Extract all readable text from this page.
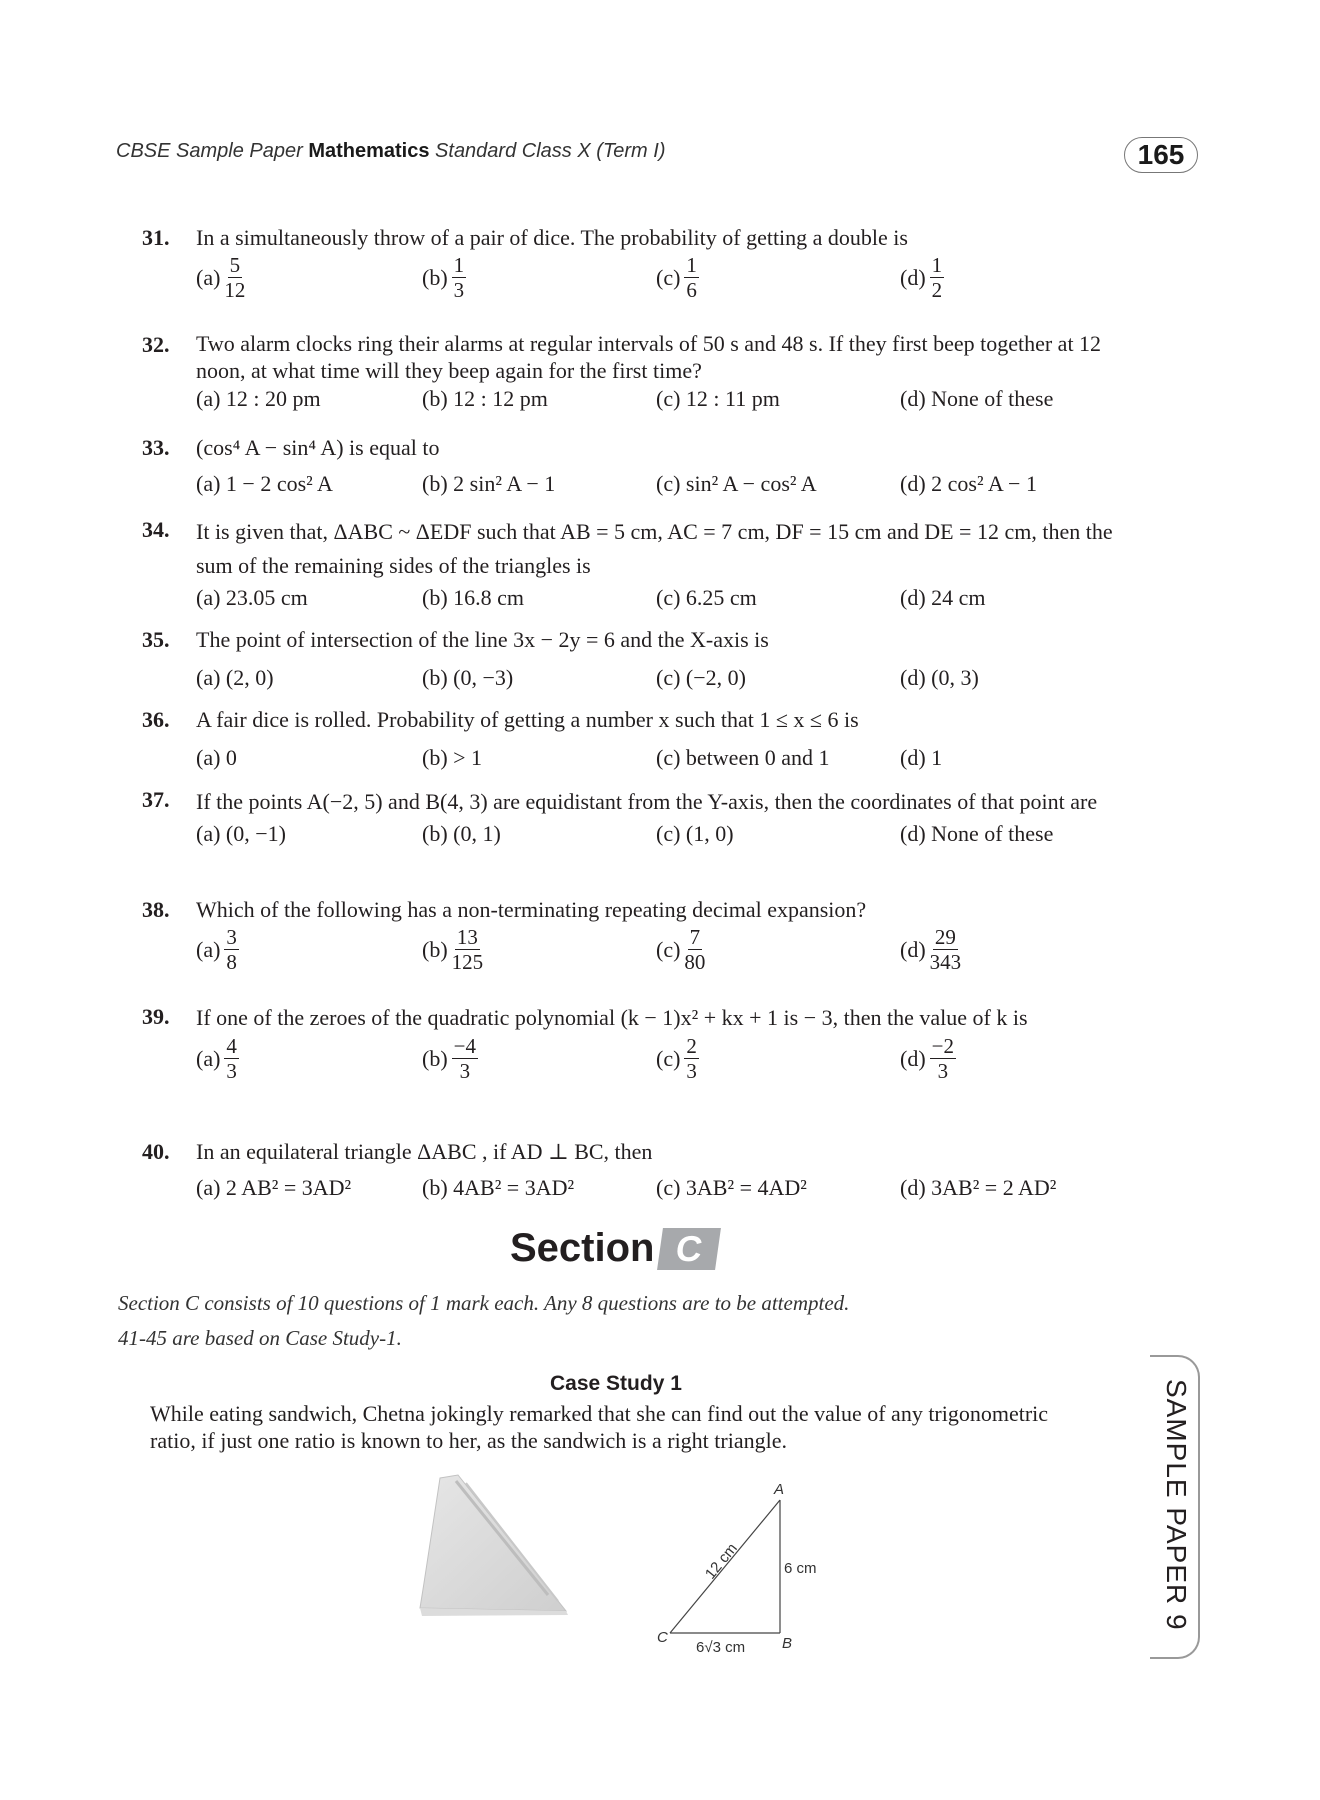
CBSE Sample Paper Mathematics Standard Class X (Term I)	165
31.	In a simultaneously throw of a pair of dice. The probability of getting a double is
$(a) \frac{5}{12}$	$(b) \frac{1}{3}$	$(c) \frac{1}{6}$	$(d) \frac{1}{2}$
32.	Two alarm clocks ring their alarms at regular intervals of 50 s and 48 s. If they first beep together at 12 noon, at what time will they beep again for the first time?
(a) 12 : 20 pm	(b) 12 : 12 pm	(c) 12 : 11 pm	(d) None of these
33.	(cos⁴ A − sin⁴ A) is equal to
(a) 1 − 2 cos² A	(b) 2 sin² A − 1	(c) sin² A − cos² A	(d) 2 cos² A − 1
34.	It is given that, ΔABC ~ ΔEDF such that AB = 5 cm, AC = 7 cm, DF = 15 cm and DE = 12 cm, then the sum of the remaining sides of the triangles is
(a) 23.05 cm	(b) 16.8 cm	(c) 6.25 cm	(d) 24 cm
35.	The point of intersection of the line 3x − 2y = 6 and the X-axis is
(a) (2, 0)	(b) (0, −3)	(c) (−2, 0)	(d) (0, 3)
36.	A fair dice is rolled. Probability of getting a number x such that 1 ≤ x ≤ 6 is
(a) 0	(b) > 1	(c) between 0 and 1	(d) 1
37.	If the points A(−2, 5) and B(4, 3) are equidistant from the Y-axis, then the coordinates of that point are
(a) (0, −1)	(b) (0, 1)	(c) (1, 0)	(d) None of these
38.	Which of the following has a non-terminating repeating decimal expansion?
$(a) \frac{3}{8}$	$(b) \frac{13}{125}$	$(c) \frac{7}{80}$	$(d) \frac{29}{343}$
39.	If one of the zeroes of the quadratic polynomial (k − 1)x² + kx + 1 is − 3, then the value of k is
$(a) \frac{4}{3}$	$(b) \frac{-4}{3}$	$(c) \frac{2}{3}$	$(d) \frac{-2}{3}$
40.	In an equilateral triangle ΔABC , if AD ⊥ BC, then
(a) 2 AB² = 3AD²	(b) 4AB² = 3AD²	(c) 3AB² = 4AD²	(d) 3AB² = 2 AD²
Section C
Section C consists of 10 questions of 1 mark each. Any 8 questions are to be attempted.
41-45 are based on Case Study-1.
Case Study 1
While eating sandwich, Chetna jokingly remarked that she can find out the value of any trigonometric ratio, if just one ratio is known to her, as the sandwich is a right triangle.
A
B
C
6 cm
6√3 cm
12 cm	SAMPLE PAPER 9
